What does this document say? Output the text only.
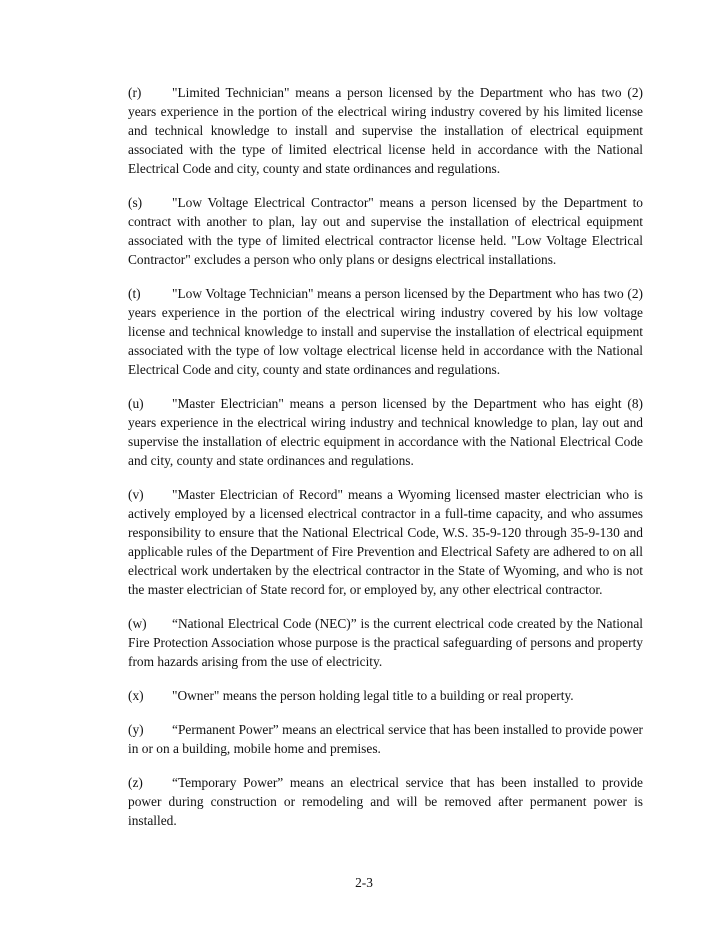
(r) "Limited Technician" means a person licensed by the Department who has two (2) years experience in the portion of the electrical wiring industry covered by his limited license and technical knowledge to install and supervise the installation of electrical equipment associated with the type of limited electrical license held in accordance with the National Electrical Code and city, county and state ordinances and regulations.

(s) "Low Voltage Electrical Contractor" means a person licensed by the Department to contract with another to plan, lay out and supervise the installation of electrical equipment associated with the type of limited electrical contractor license held. "Low Voltage Electrical Contractor" excludes a person who only plans or designs electrical installations.

(t) "Low Voltage Technician" means a person licensed by the Department who has two (2) years experience in the portion of the electrical wiring industry covered by his low voltage license and technical knowledge to install and supervise the installation of electrical equipment associated with the type of low voltage electrical license held in accordance with the National Electrical Code and city, county and state ordinances and regulations.

(u) "Master Electrician" means a person licensed by the Department who has eight (8) years experience in the electrical wiring industry and technical knowledge to plan, lay out and supervise the installation of electric equipment in accordance with the National Electrical Code and city, county and state ordinances and regulations.

(v) "Master Electrician of Record" means a Wyoming licensed master electrician who is actively employed by a licensed electrical contractor in a full-time capacity, and who assumes responsibility to ensure that the National Electrical Code, W.S. 35-9-120 through 35-9-130 and applicable rules of the Department of Fire Prevention and Electrical Safety are adhered to on all electrical work undertaken by the electrical contractor in the State of Wyoming, and who is not the master electrician of State record for, or employed by, any other electrical contractor.

(w) “National Electrical Code (NEC)” is the current electrical code created by the National Fire Protection Association whose purpose is the practical safeguarding of persons and property from hazards arising from the use of electricity.

(x) "Owner" means the person holding legal title to a building or real property.

(y) “Permanent Power” means an electrical service that has been installed to provide power in or on a building, mobile home and premises.

(z) “Temporary Power” means an electrical service that has been installed to provide power during construction or remodeling and will be removed after permanent power is installed.

2-3
